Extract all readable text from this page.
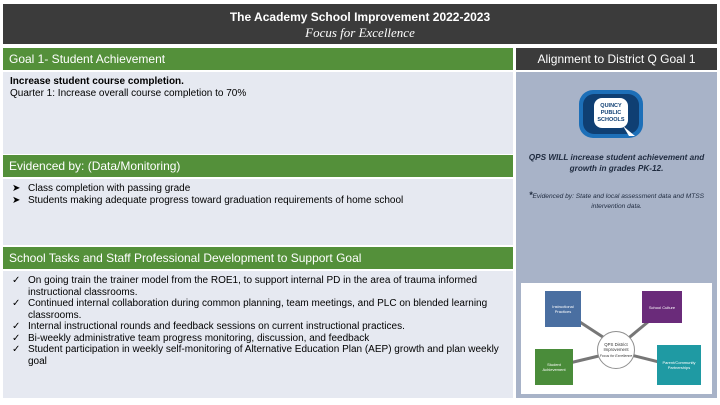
The Academy School Improvement 2022-2023
Focus for Excellence
Goal 1- Student Achievement
Increase student course completion.
Quarter 1: Increase overall course completion to 70%
Evidenced by: (Data/Monitoring)
➤ Class completion with passing grade
➤ Students making adequate progress toward graduation requirements of home school
School Tasks and Staff Professional Development to Support Goal
✓ On going train the trainer model from the ROE1, to support internal PD in the area of trauma informed instructional classrooms.
✓ Continued internal collaboration during common planning, team meetings, and PLC on blended learning classrooms.
✓ Internal instructional rounds and feedback sessions on current instructional practices.
✓ Bi-weekly administrative team progress monitoring, discussion, and feedback
✓ Student participation in weekly self-monitoring of Alternative Education Plan (AEP) growth and plan weekly goal
Alignment to District Q Goal 1
QUINCY
PUBLIC
SCHOOLS
QPS WILL increase student achievement and growth in grades PK-12.
*Evidenced by: State and local assessment data and MTSS intervention data.
Instructional Practices
School Culture
Student Achievement
Parent/Community Partnerships
QPS District Improvement
Focus for Excellence
